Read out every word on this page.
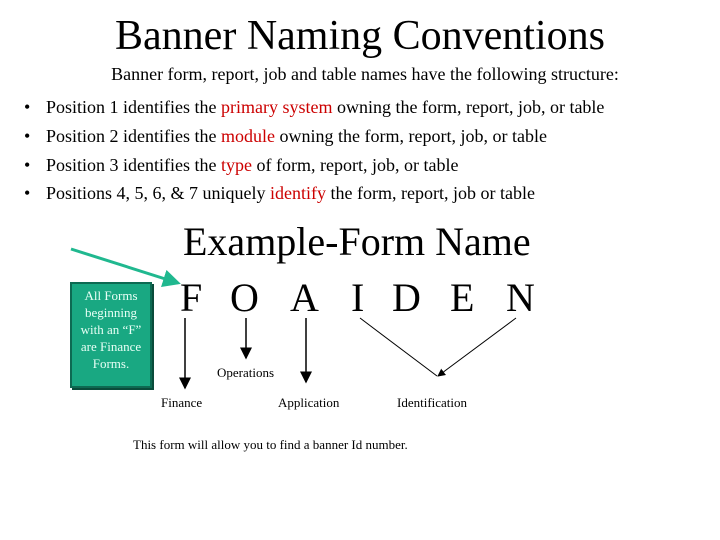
Banner Naming Conventions
Banner form, report, job and table names have the following structure:
• Position 1 identifies the primary system owning the form, report, job, or table
• Position 2 identifies the module owning the form, report, job, or table
• Position 3 identifies the type of form, report, job, or table
• Positions 4, 5, 6, & 7 uniquely identify the form, report, job or table
Example-Form Name
F O A I D E N
All Forms beginning with an “F” are Finance Forms.
Finance
Operations
Application	Identification
This form will allow you to find a banner Id number.
